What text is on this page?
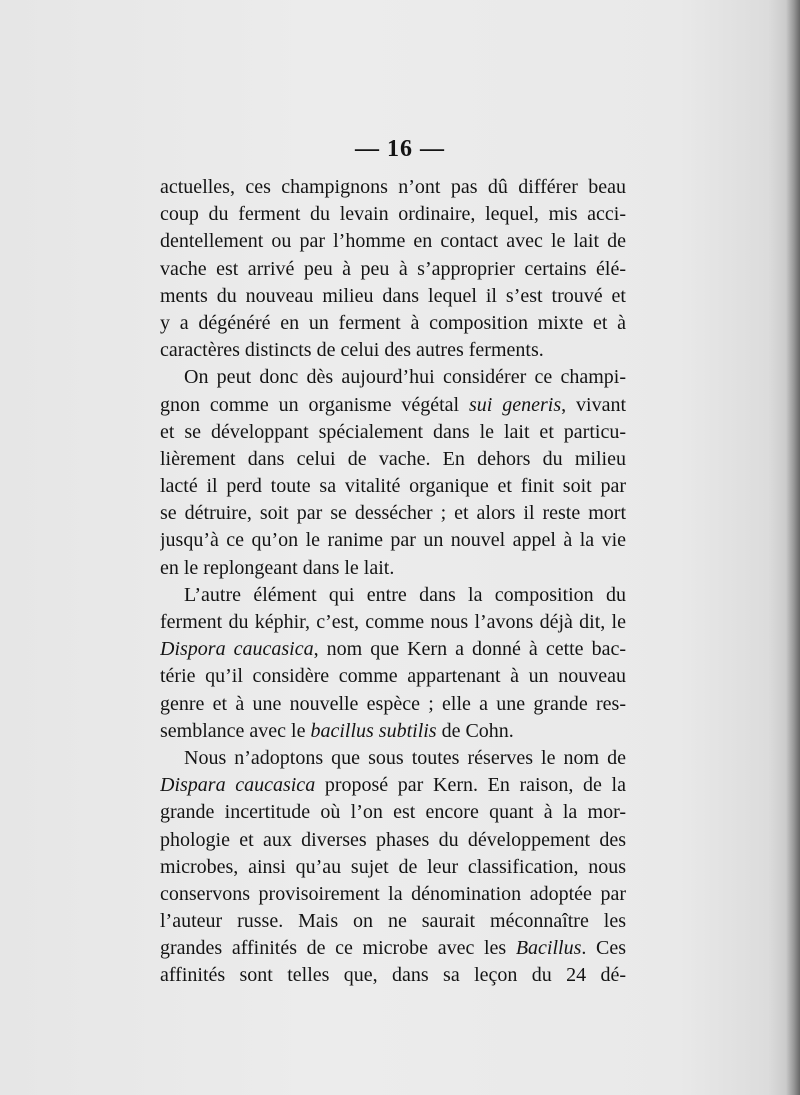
— 16 —
actuelles, ces champignons n’ont pas dû différer beau
coup du ferment du levain ordinaire, lequel, mis acci-
dentellement ou par l’homme en contact avec le lait de
vache est arrivé peu à peu à s’approprier certains élé-
ments du nouveau milieu dans lequel il s’est trouvé et
y a dégénéré en un ferment à composition mixte et à
caractères distincts de celui des autres ferments.
On peut donc dès aujourd’hui considérer ce champi-
gnon comme un organisme végétal sui generis, vivant
et se développant spécialement dans le lait et particu-
lièrement dans celui de vache. En dehors du milieu
lacté il perd toute sa vitalité organique et finit soit par
se détruire, soit par se dessécher ; et alors il reste mort
jusqu’à ce qu’on le ranime par un nouvel appel à la vie
en le replongeant dans le lait.
L’autre élément qui entre dans la composition du
ferment du képhir, c’est, comme nous l’avons déjà dit, le
Dispora caucasica, nom que Kern a donné à cette bac-
térie qu’il considère comme appartenant à un nouveau
genre et à une nouvelle espèce ; elle a une grande res-
semblance avec le bacillus subtilis de Cohn.
Nous n’adoptons que sous toutes réserves le nom de
Dispara caucasica proposé par Kern. En raison, de la
grande incertitude où l’on est encore quant à la mor-
phologie et aux diverses phases du développement des
microbes, ainsi qu’au sujet de leur classification, nous
conservons provisoirement la dénomination adoptée par
l’auteur russe. Mais on ne saurait méconnaître les
grandes affinités de ce microbe avec les Bacillus. Ces
affinités sont telles que, dans sa leçon du 24 dé-
